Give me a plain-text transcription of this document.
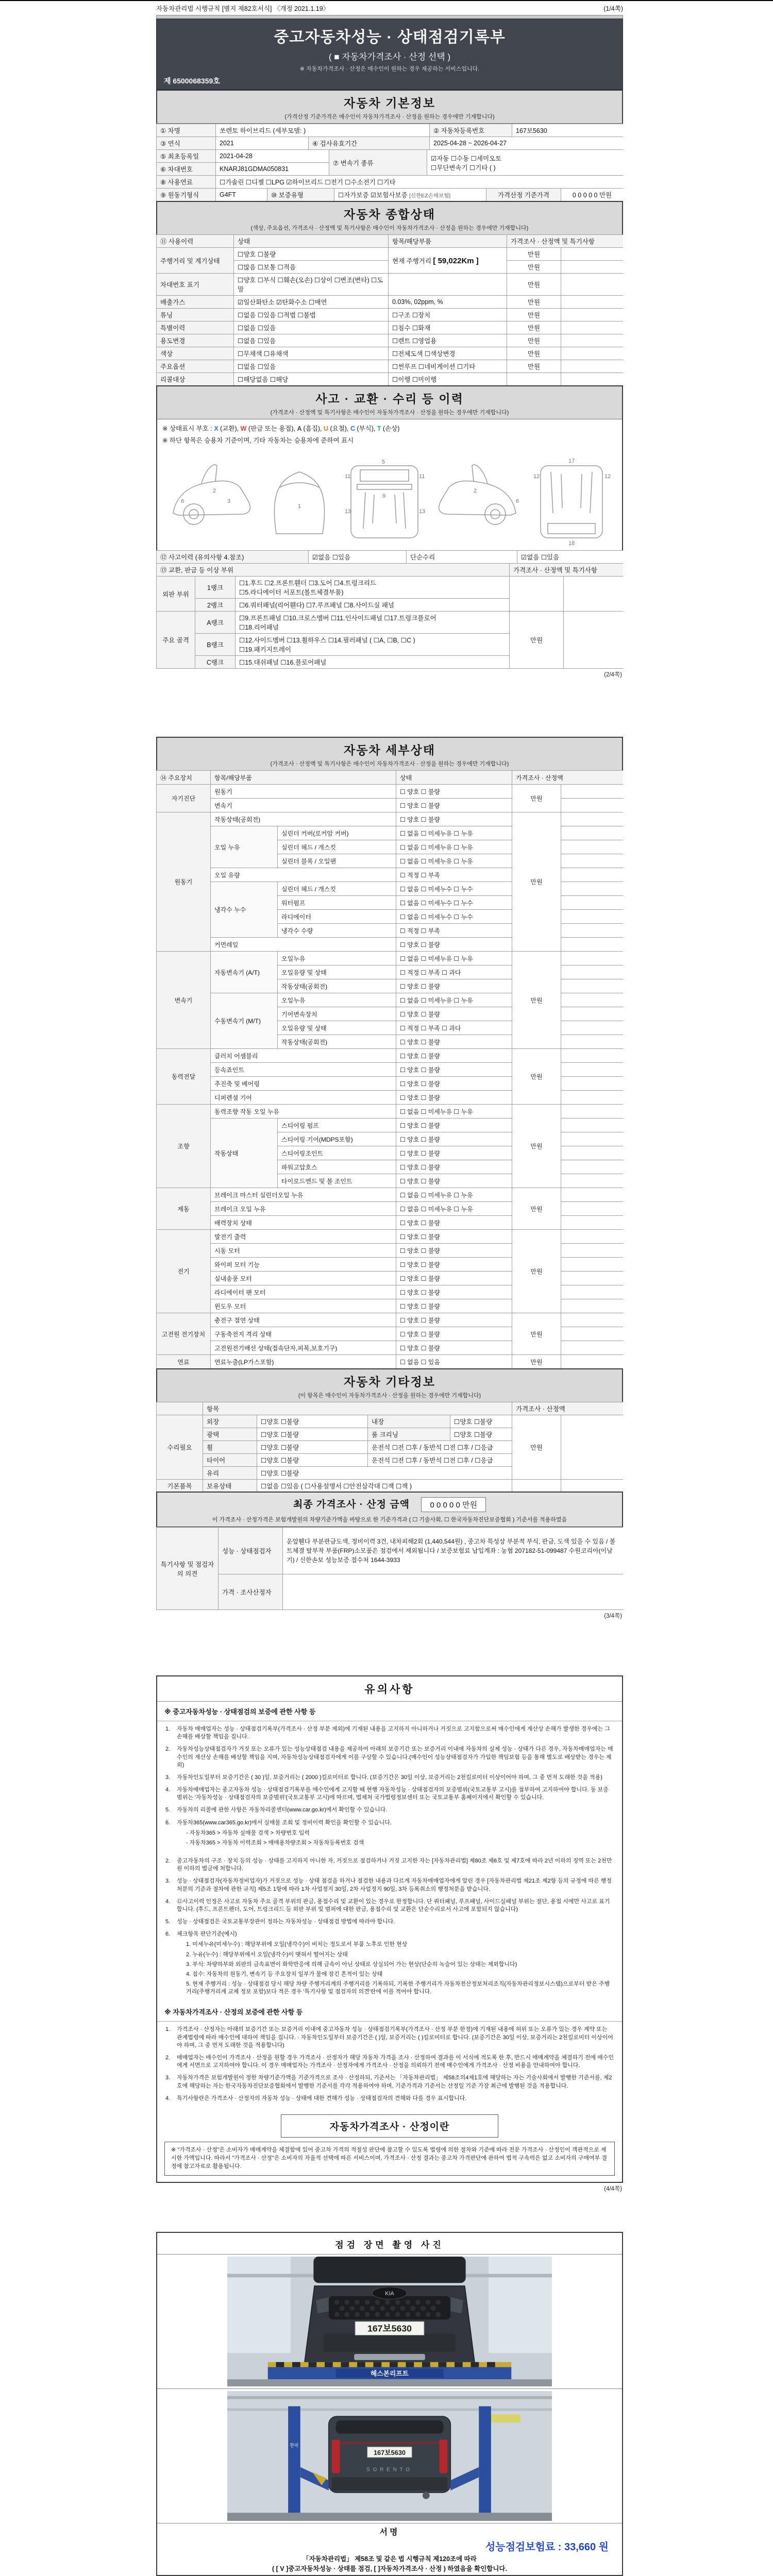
자동차관리법 시행규칙 [별지 제82호서식] 〈개정 2021.1.19〉	(1/4쪽)
중고자동차성능 · 상태점검기록부
( ■ 자동차가격조사 · 산정 선택 )
※ 자동차가격조사 · 산정은 매수인이 원하는 경우 제공하는 서비스입니다.
제 6500068359호
자동차 기본정보
(가격산정 기준가격은 매수인이 자동차가격조사 · 산정을 원하는 경우에만 기재합니다)
① 차명	쏘렌토 하이브리드 (세부모델: )	② 자동차등록번호	167보5630
③ 연식	2021	④ 검사유효기간	2025-04-28 ~ 2026-04-27
⑤ 최초등록일	2021-04-28	⑦ 변속기 종류	☑자동 ☐수동 ☐세미오토
☐무단변속기 ☐기타 ( )

⑥ 차대번호	KNARJ81GDMA050831		
⑧ 사용연료	☐가솔린 ☐디젤 ☐LPG ☑하이브리드 ☐전기 ☐수소전기 ☐기타
⑨ 원동기형식	G4FT	⑩ 보증유형	☐자가보증 ☑보험사보증 [신한EZ손해보험]	가격산정 기준가격	0 0 0 0 0 만원
자동차 종합상태
(색상, 주요옵션, 가격조사 · 산정액 및 특기사항은 매수인이 자동차가격조사 · 산정을 원하는 경우에만 기재합니다)
⑪ 사용이력	상태	항목/해당부품	가격조사 · 산정액 및 특기사항	
주행거리 및 계기상태	☐양호 ☐불량	현재 주행거리 [ 59,022Km ]	만원	
	☐많음 ☐보통 ☐적음		만원	
차대번호 표기	☐양호 ☐부식 ☐훼손(오손) ☐상이 ☐변조(변타) ☐도말		만원	
배출가스	☑일산화탄소 ☑탄화수소 ☐매연	0.03%, 02ppm, %	만원	
튜닝	☐없음 ☐있음 ☐적법 ☐불법	☐구조 ☐장치	만원	
특별이력	☐없음 ☐있음	☐침수 ☐화재	만원	
용도변경	☐없음 ☐있음	☐렌트 ☐영업용	만원	
색상	☐무채색 ☐유채색	☐전체도색 ☐색상변경	만원	
주요옵션	☐없음 ☐있음	☐썬루프 ☐네비게이션 ☐기타	만원	
리콜대상	☐해당없음 ☐해당	☐이행 ☐미이행		
사고 · 교환 · 수리 등 이력
(가격조사 · 산정액 및 특기사항은 매수인이 자동차가격조사 · 산정을 원하는 경우에만 기재합니다)
※ 상태표시 부호 : X (교환), W (판금 또는 용접), A (흠집), U (요철), C (부식), T (손상)
※ 하단 항목은 승용차 기준이며, 기타 자동차는 승용차에 준하여 표시
2
3
6
1
5
9
11	11
13	13
2
6
12	12
17
18
⑫ 사고이력 (유의사항 4.참조)	☑없음 ☐있음	단순수리	☑없음 ☐있음
⑬ 교환, 판금 등 이상 부위	가격조사 · 산정액 및 특기사항
외판 부위	1랭크	☐1.후드 ☐2.프론트휀더 ☐3.도어 ☐4.트렁크리드
☐5.라디에이터 서포트(볼트체결부품)		

	2랭크	☐6.쿼터패널(리어휀다) ☐7.루프패널 ☐8.사이드실 패널		
주요 골격	A랭크	☐9.프론트패널 ☐10.크로스멤버 ☐11.인사이드패널 ☐17.트렁크플로어
☐18.리어패널	만원	
	B랭크	☐12.사이드멤버 ☐13.휠하우스 ☐14.필러패널 ( ☐A, ☐B, ☐C )
☐19.패키지트레이		

	C랭크	☐15.대쉬패널 ☐16.플로어패널		
(2/4쪽)
자동차 세부상태
(가격조사 · 산정액 및 특기사항은 매수인이 자동차가격조사 · 산정을 원하는 경우에만 기재합니다)
⑭ 주요장치	항목/해당부품		상태	가격조사 · 산정액	
자기진단	원동기		☐ 양호 ☐ 불량	만원	
	변속기		☐ 양호 ☐ 불량		
원동기	작동상태(공회전)		☐ 양호 ☐ 불량	만원	
	오일 누유	실린더 커버(로커암 커버)	☐ 없음 ☐ 미세누유 ☐ 누유		
		실린더 헤드 / 개스킷	☐ 없음 ☐ 미세누유 ☐ 누유		
		실린더 블록 / 오일팬	☐ 없음 ☐ 미세누유 ☐ 누유		
	오일 유량		☐ 적정 ☐ 부족		
	냉각수 누수	실린더 헤드 / 개스킷	☐ 없음 ☐ 미세누수 ☐ 누수		
		워터펌프	☐ 없음 ☐ 미세누수 ☐ 누수		
		라디에이터	☐ 없음 ☐ 미세누수 ☐ 누수		
		냉각수 수량	☐ 적정 ☐ 부족		
	커먼레일		☐ 양호 ☐ 불량		
변속기	자동변속기 (A/T)	오일누유	☐ 없음 ☐ 미세누유 ☐ 누유	만원	
		오일유량 및 상태	☐ 적정 ☐ 부족 ☐ 과다		
		작동상태(공회전)	☐ 양호 ☐ 불량		
	수동변속기 (M/T)	오일누유	☐ 없음 ☐ 미세누유 ☐ 누유		
		기어변속장치	☐ 양호 ☐ 불량		
		오일유량 및 상태	☐ 적정 ☐ 부족 ☐ 과다		
		작동상태(공회전)	☐ 양호 ☐ 불량		
동력전달	클러치 어셈블리		☐ 양호 ☐ 불량	만원	
	등속죠인트		☐ 양호 ☐ 불량		
	추진축 및 베어링		☐ 양호 ☐ 불량		
	디퍼렌셜 기어		☐ 양호 ☐ 불량		
조향	동력조향 작동 오일 누유		☐ 없음 ☐ 미세누유 ☐ 누유	만원	
	작동상태	스티어링 펌프	☐ 양호 ☐ 불량		
		스티어링 기어(MDPS포함)	☐ 양호 ☐ 불량		
		스티어링조인트	☐ 양호 ☐ 불량		
		파워고압호스	☐ 양호 ☐ 불량		
		타이로드엔드 및 볼 조인트	☐ 양호 ☐ 불량		
제동	브레이크 마스터 실린더오일 누유		☐ 없음 ☐ 미세누유 ☐ 누유	만원	
	브레이크 오일 누유		☐ 없음 ☐ 미세누유 ☐ 누유		
	배력장치 상태		☐ 양호 ☐ 불량		
전기	발전기 출력		☐ 양호 ☐ 불량	만원	
	시동 모터		☐ 양호 ☐ 불량		
	와이퍼 모터 기능		☐ 양호 ☐ 불량		
	실내송풍 모터		☐ 양호 ☐ 불량		
	라디에이터 팬 모터		☐ 양호 ☐ 불량		
	윈도우 모터		☐ 양호 ☐ 불량		
고전원 전기장치	충전구 절연 상태		☐ 양호 ☐ 불량	만원	
	구동축전지 격리 상태		☐ 양호 ☐ 불량		
	고전원전기배선 상태(접속단자,피복,보호기구)		☐ 양호 ☐ 불량		
연료	연료누출(LP가스포함)		☐ 없음 ☐ 있음	만원	
자동차 기타정보
(이 항목은 매수인이 자동차가격조사 · 산정을 원하는 경우에만 기재합니다)
	항목				가격조사 · 산정액	
수리필요	외장	☐양호 ☐불량	내장	☐양호 ☐불량	만원	
	광택	☐양호 ☐불량	룸 크리닝	☐양호 ☐불량		
	휠	☐양호 ☐불량	운전석 ☐전 ☐후 / 동반석 ☐전 ☐후 / ☐응급			
	타이어	☐양호 ☐불량	운전석 ☐전 ☐후 / 동반석 ☐전 ☐후 / ☐응급			
	유리	☐양호 ☐불량				
기본품목	보유상태	☐없음 ☐있음 ( ☐사용설명서 ☐안전삼각대 ☐잭 ☐잭 )				
최종 가격조사 · 산정 금액	0 0 0 0 0 만원
이 가격조사 · 산정가격은 보험개발원의 차량기준가액을 바탕으로 한 기준가격과 ( ☐ 기술사회, ☐ 한국자동차진단보증협회 ) 기준서를 적용하였음
특기사항 및 점검자의 의견	성능 · 상태점검자	운앞휀다 부분판금도색, 정비이력 3건, 내차피해2회 (1,440,544원) , 중고차 특성상 부분적 부식, 판금, 도색 있을 수 있음 / 볼트체결 탈부착 부품(FRP)소모품은 점검에서 제외됩니다 / 보증보험료 납입계좌 : 농협 207182-51-099487 수원코리아(이남기) / 신한손보 성능보증 접수처 1644-3933
	가격 · 조사산정자	
(3/4쪽)
유의사항
※ 중고자동차성능 · 상태점검의 보증에 관한 사항 등
1.	자동차 매매업자는 성능 · 상태점검기록부(가격조사 · 산정 부분 제외)에 기재된 내용을 고지하지 아니하거나 거짓으로 고지함으로써 매수인에게 재산상 손해가 발생한 경우에는 그 손해를 배상할 책임을 집니다.
2.	자동차성능상태점검자가 거짓 또는 오류가 있는 성능상태점검 내용을 제공하여 아래의 보증기간 또는 보증거리 이내에 자동차의 실제 성능 · 상태가 다른 경우, 자동차매매업자는 매수인의 재산상 손해를 배상할 책임을 지며, 자동차성능상태점검자에게 이를 구상할 수 있습니다.(매수인이 성능상태점검자가 가입한 책임보험 등을 통해 별도로 배상받는 경우는 제외)
3.	자동차인도일부터 보증기간은 ( 30 )일, 보증거리는 ( 2000 )킬로미터로 합니다. (보증기간은 30일 이상, 보증거리는 2천킬로미터 이상이어야 하며, 그 중 먼저 도래한 것을 적용)
4.	자동차매매업자는 중고자동차 성능 · 상태점검기록부를 매수인에게 고지할 때 현행 자동차성능 · 상태점검자의 보증범위(국토교통부 고시)를 첨부하여 고지하여야 합니다. 동 보증범위는 '자동차성능 · 상태점검자의 보증범위'(국토교통부 고시)에 따르며, 법제처 국가법령정보센터 또는 국토교통부 홈페이지에서 확인할 수 있습니다.
5.	자동차의 리콜에 관한 사항은 자동차리콜센터(www.car.go.kr)에서 확인할 수 있습니다.
6.	자동차365(www.car365.go.kr)에서 실매물 조회 및 정비이력 확인을 확인할 수 있습니다.
- 자동차365 > 자동차 실매물 검색 > 차량번호 입력
- 자동차365 > 자동차 이력조회 > 매매용차량조회 > 자동차등록번호 검색
2.	중고자동차의 구조 · 장치 등의 성능 · 상태를 고지하지 아니한 자, 거짓으로 점검하거나 거짓 고지한 자는 [자동차관리법] 제80조 제6호 및 제7호에 따라 2년 이하의 징역 또는 2천만원 이하의 벌금에 처합니다.
3.	성능 · 상태점검자(자동차정비업자)가 거짓으로 성능 · 상태 점검을 하거나 점검한 내용과 다르게 자동차매매업자에게 알린 경우 [자동차관리법 제21조 제2항 등의 규정에 따른 행정처분의 기준과 절차에 관한 규칙] 제5조 1항에 따라 1차 사업정지 30일, 2차 사업정지 90일, 3차 등록취소의 행정처분을 받습니다.
4.	⑫사고이력 인정은 사고로 자동차 주요 골격 부위의 판금, 용접수리 및 교환이 있는 경우로 한정합니다. 단 쿼터패널, 루프패널, 사이드실패널 부위는 절단, 용접 시에만 사고로 표기합니다. (후드, 프론트펜더, 도어, 트렁크리드 등 외판 부위 및 범퍼에 대한 판금, 용접수리 및 교환은 단순수리로서 사고에 포함되지 않습니다)
5.	성능 · 상태점검은 국토교통부장관이 정하는 자동차성능 · 상태점검 방법에 따라야 합니다.
6.	체크항목 판단기준(예시)
1. 미세누유(미세누수) : 해당부위에 오일(냉각수)이 비치는 정도로서 부품 노후로 인한 현상
2. 누유(누수) : 해당부위에서 오일(냉각수)이 맺혀서 떨어지는 상태
3. 부식: 차량하부와 외판의 금속표면이 화학반응에 의해 금속이 아닌 상태로 상실되어 가는 현상(단순히 녹슬어 있는 상태는 제외합니다)
4. 침수: 자동차의 원동기, 변속기 등 주요장치 일부가 물에 잠긴 흔적이 있는 상태
5. 현재 주행거리 : 성능 · 상태점검 당시 해당 차량 주행거리계의 주행거리를 기록하되, 기록한 주행거리가 자동차전산정보처리조직(자동차관리정보시스템)으로부터 받은 주행거리(주행거리계 교체 정보 포함)보다 적은 경우 '특기사항 및 점검자의 의견'란에 이를 적어야 합니다.
※ 자동차가격조사 · 산정의 보증에 관한 사항 등
1.	가격조사 · 산정자는 아래의 보증기간 또는 보증거리 이내에 중고자동차 성능 · 상태점검기록부(가격조사 · 산정 부분 한정)에 기재된 내용에 허위 또는 오류가 있는 경우 계약 또는 관계법령에 따라 매수인에 대하여 책임을 집니다. · 자동차인도일부터 보증기간은 ( )일, 보증거리는 ( )킬로미터로 합니다. (보증기간은 30일 이상, 보증거리는 2천킬로미터 이상이어야 하며, 그 중 먼저 도래한 것을 적용합니다)
2.	매매업자는 매수인이 가격조사 · 산정을 원할 경우 가격조사 · 산정자가 해당 자동차 가격을 조사 · 산정하여 결과를 이 서식에 적도록 한 후, 반드시 매매계약을 체결하기 전에 매수인에게 서면으로 고지하여야 합니다. 이 경우 매매업자는 가격조사 · 산정자에게 가격조사 · 산정을 의뢰하기 전에 매수인에게 가격조사 · 산정 비용을 안내하여야 합니다.
3.	자동차가격은 보험개발원이 정한 차량기준가액을 기준가격으로 조사 · 산정하되, 기준서는 「자동차관리법」 제58조의4제1호에 해당하는 자는 기술사회에서 발행한 기준서를, 제2호에 해당하는 자는 한국자동차진단보증협회에서 발행한 기준서를 각각 적용하여야 하며, 기준가격과 기준서는 산정일 기준 가장 최근에 발행된 것을 적용합니다.
4.	특기사항란은 가격조사 · 산정자의 자동차 성능 · 상태에 대한 견해가 성능 · 상태점검자의 견해와 다를 경우 표시합니다.
자동차가격조사 · 산정이란
※ "가격조사 · 산정"은 소비자가 매매계약을 체결함에 있어 중고차 가격의 적절성 판단에 참고할 수 있도록 법령에 의한 절차와 기준에 따라 전문 가격조사 · 산정인이 객관적으로 제시한 가액입니다. 따라서 "가격조사 · 산정"은 소비자의 자율적 선택에 따른 서비스이며, 가격조사 · 산정 결과는 중고차 가격판단에 관하여 법적 구속력은 없고 소비자의 구매여부 결정에 참고자료로 활용됩니다.
(4/4쪽)
점검 장면 촬영 사진
KIA
167보5630
헤스본리프트
한국
167보5630
SORENTO
서명
성능점검보험료 : 33,660 원
「자동차관리법」 제58조 및 같은 법 시행규칙 제120조에 따라
( [ V ]중고자동차성능 · 상태를 점검, [ ]자동차가격조사 · 산정 ) 하였음을 확인합니다.
